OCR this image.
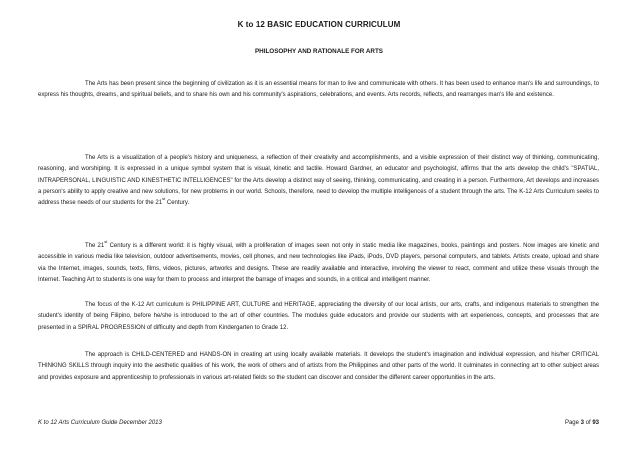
K to 12 BASIC EDUCATION CURRICULUM
PHILOSOPHY AND RATIONALE FOR ARTS

The Arts has been present since the beginning of civilization as it is an essential means for man to live and communicate with others. It has been used to enhance man's life and surroundings, to express his thoughts, dreams, and spiritual beliefs, and to share his own and his community's aspirations, celebrations, and events. Arts records, reflects, and rearranges man's life and existence.

The Arts is a visualization of a people's history and uniqueness, a reflection of their creativity and accomplishments, and a visible expression of their distinct way of thinking, communicating, reasoning, and worshiping. It is expressed in a unique symbol system that is visual, kinetic and tactile. Howard Gardner, an educator and psychologist, affirms that the arts develop the child's "SPATIAL, INTRAPERSONAL, LINGUISTIC AND KINESTHETIC INTELLIGENCES" for the Arts develop a distinct way of seeing, thinking, communicating, and creating in a person. Furthermore, Art develops and increases a person's ability to apply creative and new solutions, for new problems in our world. Schools, therefore, need to develop the multiple intelligences of a student through the arts. The K-12 Arts Curriculum seeks to address these needs of our students for the 21st Century.

The 21st Century is a different world: it is highly visual, with a proliferation of images seen not only in static media like magazines, books, paintings and posters. Now images are kinetic and accessible in various media like television, outdoor advertisements, movies, cell phones, and new technologies like iPads, iPods, DVD players, personal computers, and tablets. Artists create, upload and share via the Internet, images, sounds, texts, films, videos, pictures, artworks and designs. These are readily available and interactive, involving the viewer to react, comment and utilize these visuals through the Internet. Teaching Art to students is one way for them to process and interpret the barrage of images and sounds, in a critical and intelligent manner.

The focus of the K-12 Art curriculum is PHILIPPINE ART, CULTURE and HERITAGE, appreciating the diversity of our local artists, our arts, crafts, and indigenous materials to strengthen the student's identity of being Filipino, before he/she is introduced to the art of other countries. The modules guide educators and provide our students with art experiences, concepts, and processes that are presented in a SPIRAL PROGRESSION of difficulty and depth from Kindergarten to Grade 12.

The approach is CHILD-CENTERED and HANDS-ON in creating art using locally available materials. It develops the student's imagination and individual expression, and his/her CRITICAL THINKING SKILLS through inquiry into the aesthetic qualities of his work, the work of others and of artists from the Philippines and other parts of the world. It culminates in connecting art to other subject areas and provides exposure and apprenticeship to professionals in various art-related fields so the student can discover and consider the different career opportunities in the arts.

K to 12 Arts Curriculum Guide December 2013	Page 3 of 93
